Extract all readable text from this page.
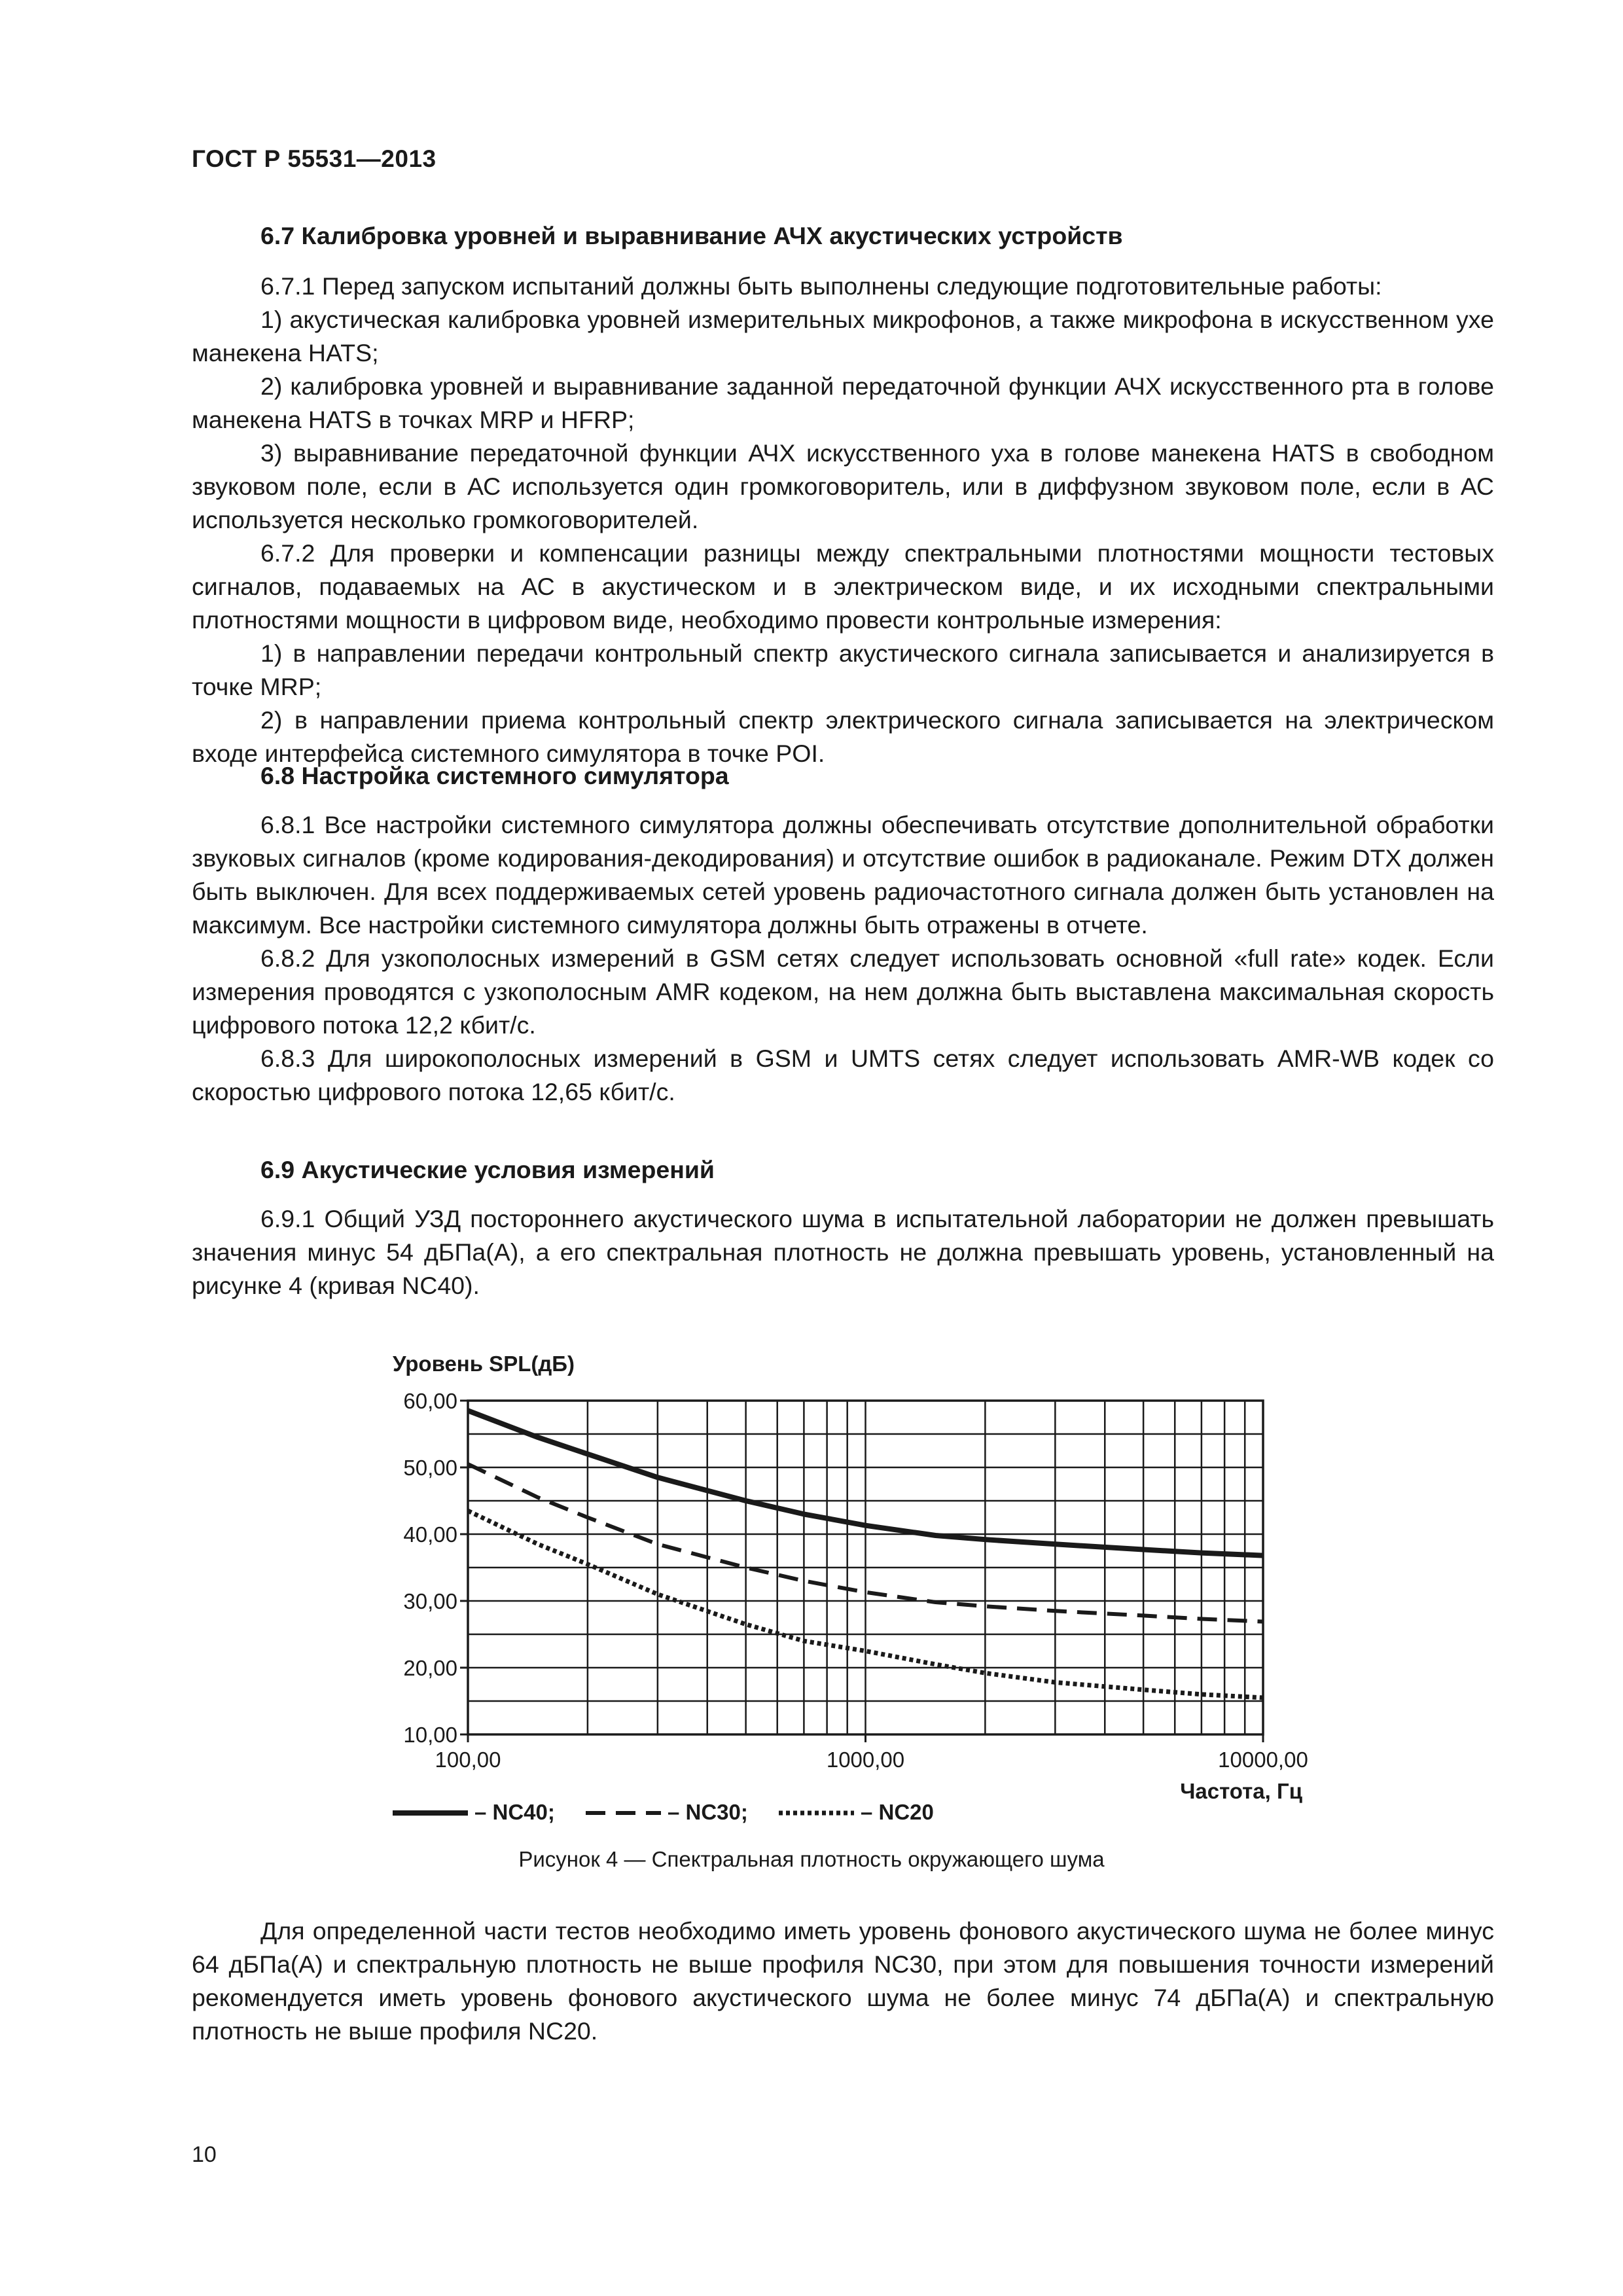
ГОСТ Р 55531—2013
6.7 Калибровка уровней и выравнивание АЧХ акустических устройств

6.7.1 Перед запуском испытаний должны быть выполнены следующие подготовительные работы:

1) акустическая калибровка уровней измерительных микрофонов, а также микрофона в искусственном ухе манекена HATS;

2) калибровка уровней и выравнивание заданной передаточной функции АЧХ искусственного рта в голове манекена HATS в точках MRP и HFRP;

3) выравнивание передаточной функции АЧХ искусственного уха в голове манекена HATS в свободном звуковом поле, если в АС используется один громкоговоритель, или в диффузном звуковом поле, если в АС используется несколько громкоговорителей.

6.7.2 Для проверки и компенсации разницы между спектральными плотностями мощности тестовых сигналов, подаваемых на АС в акустическом и в электрическом виде, и их исходными спектральными плотностями мощности в цифровом виде, необходимо провести контрольные измерения:

1) в направлении передачи контрольный спектр акустического сигнала записывается и анализируется в точке MRP;

2) в направлении приема контрольный спектр электрического сигнала записывается на электрическом входе интерфейса системного симулятора в точке POI.

6.8 Настройка системного симулятора

6.8.1 Все настройки системного симулятора должны обеспечивать отсутствие дополнительной обработки звуковых сигналов (кроме кодирования-декодирования) и отсутствие ошибок в радиоканале. Режим DTX должен быть выключен. Для всех поддерживаемых сетей уровень радиочастотного сигнала должен быть установлен на максимум. Все настройки системного симулятора должны быть отражены в отчете.

6.8.2 Для узкополосных измерений в GSM сетях следует использовать основной «full rate» кодек. Если измерения проводятся с узкополосным AMR кодеком, на нем должна быть выставлена максимальная скорость цифрового потока 12,2 кбит/с.

6.8.3 Для широкополосных измерений в GSM и UMTS сетях следует использовать AMR-WB кодек со скоростью цифрового потока 12,65 кбит/с.

6.9 Акустические условия измерений

6.9.1 Общий УЗД постороннего акустического шума в испытательной лаборатории не должен превышать значения минус 54 дБПа(А), а его спектральная плотность не должна превышать уровень, установленный на рисунке 4 (кривая NC40).

60,00
50,00
40,00
30,00
20,00
10,00
100,00	1000,00	10000,00
Уровень SPL(дБ)
Частота, Гц
– NC40;	– NC30;	– NC20
Рисунок 4 — Спектральная плотность окружающего шума

Для определенной части тестов необходимо иметь уровень фонового акустического шума не более минус 64 дБПа(А) и спектральную плотность не выше профиля NC30, при этом для повышения точности измерений рекомендуется иметь уровень фонового акустического шума не более минус 74 дБПа(А) и спектральную плотность не выше профиля NC20.

10
